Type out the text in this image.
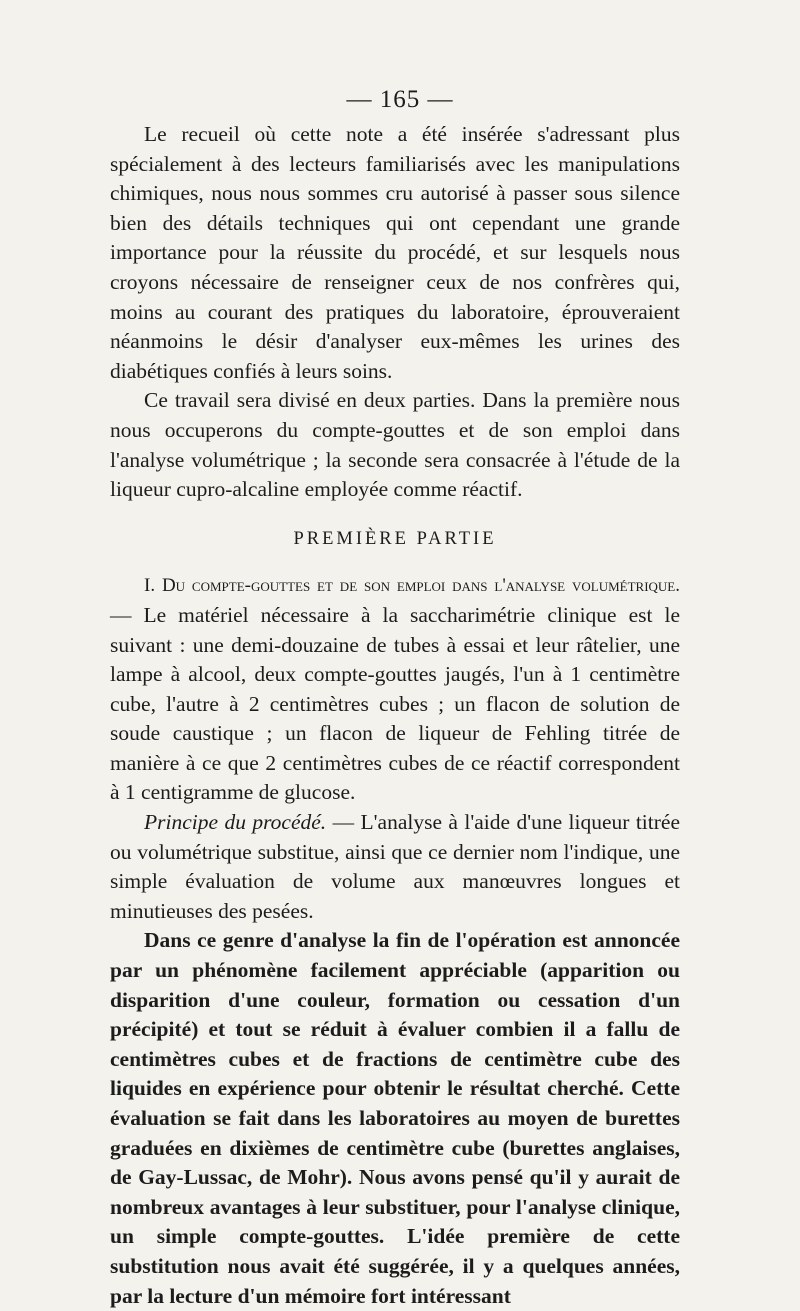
— 165 —

Le recueil où cette note a été insérée s'adressant plus spécialement à des lecteurs familiarisés avec les manipulations chimiques, nous nous sommes cru autorisé à passer sous silence bien des détails techniques qui ont cependant une grande importance pour la réussite du procédé, et sur lesquels nous croyons nécessaire de renseigner ceux de nos confrères qui, moins au courant des pratiques du laboratoire, éprouveraient néanmoins le désir d'analyser eux-mêmes les urines des diabétiques confiés à leurs soins.

Ce travail sera divisé en deux parties. Dans la première nous nous occuperons du compte-gouttes et de son emploi dans l'analyse volumétrique ; la seconde sera consacrée à l'étude de la liqueur cupro-alcaline employée comme réactif.

PREMIÈRE PARTIE

I. Du compte-gouttes et de son emploi dans l'analyse volumétrique. — Le matériel nécessaire à la saccharimétrie clinique est le suivant : une demi-douzaine de tubes à essai et leur râtelier, une lampe à alcool, deux compte-gouttes jaugés, l'un à 1 centimètre cube, l'autre à 2 centimètres cubes ; un flacon de solution de soude caustique ; un flacon de liqueur de Fehling titrée de manière à ce que 2 centimètres cubes de ce réactif correspondent à 1 centigramme de glucose.

Principe du procédé. — L'analyse à l'aide d'une liqueur titrée ou volumétrique substitue, ainsi que ce dernier nom l'indique, une simple évaluation de volume aux manœuvres longues et minutieuses des pesées.

Dans ce genre d'analyse la fin de l'opération est annoncée par un phénomène facilement appréciable (apparition ou disparition d'une couleur, formation ou cessation d'un précipité) et tout se réduit à évaluer combien il a fallu de centimètres cubes et de fractions de centimètre cube des liquides en expérience pour obtenir le résultat cherché. Cette évaluation se fait dans les laboratoires au moyen de burettes graduées en dixièmes de centimètre cube (burettes anglaises, de Gay-Lussac, de Mohr). Nous avons pensé qu'il y aurait de nombreux avantages à leur substituer, pour l'analyse clinique, un simple compte-gouttes. L'idée première de cette substitution nous avait été suggérée, il y a quelques années, par la lecture d'un mémoire fort intéressant
